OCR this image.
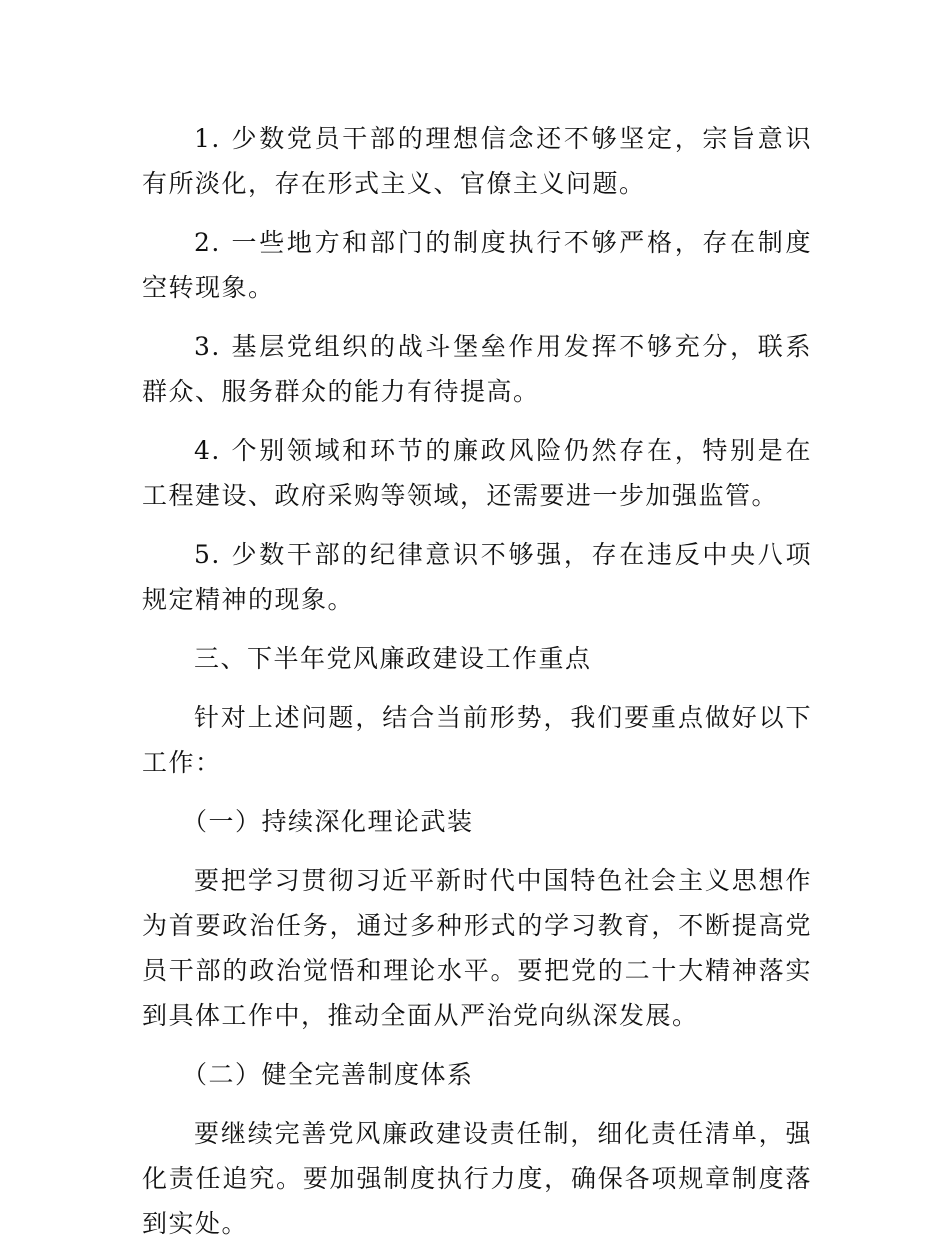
1. 少数党员干部的理想信念还不够坚定，宗旨意识有所淡化，存在形式主义、官僚主义问题。

2. 一些地方和部门的制度执行不够严格，存在制度空转现象。

3. 基层党组织的战斗堡垒作用发挥不够充分，联系群众、服务群众的能力有待提高。

4. 个别领域和环节的廉政风险仍然存在，特别是在工程建设、政府采购等领域，还需要进一步加强监管。

5. 少数干部的纪律意识不够强，存在违反中央八项规定精神的现象。

三、下半年党风廉政建设工作重点

针对上述问题，结合当前形势，我们要重点做好以下工作：

（一）持续深化理论武装

要把学习贯彻习近平新时代中国特色社会主义思想作为首要政治任务，通过多种形式的学习教育，不断提高党员干部的政治觉悟和理论水平。要把党的二十大精神落实到具体工作中，推动全面从严治党向纵深发展。

（二）健全完善制度体系

要继续完善党风廉政建设责任制，细化责任清单，强化责任追究。要加强制度执行力度，确保各项规章制度落到实处。
